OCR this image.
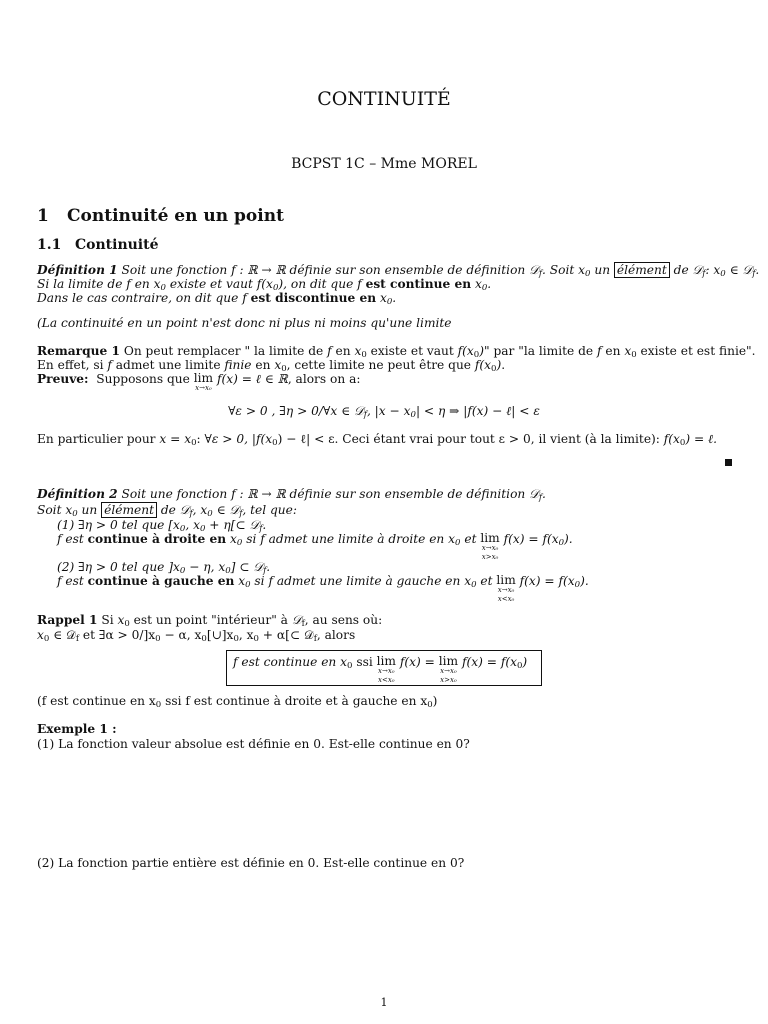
CONTINUITÉ
BCPST 1C – Mme MOREL
1 Continuité en un point
1.1 Continuité
Définition 1 Soit une fonction f : ℝ → ℝ définie sur son ensemble de définition 𝒟$_f$. Soit $x_0$ un élément de 𝒟$_f$: $x_0$ ∈ 𝒟$_f$.
Si la limite de f en $x_0$ existe et vaut $f(x_0)$, on dit que f est continue en $x_0$.
Dans le cas contraire, on dit que f est discontinue en $x_0$.
(La continuité en un point n'est donc ni plus ni moins qu'une limite
Remarque 1 On peut remplacer " la limite de f en $x_0$ existe et vaut $f(x_0)$" par "la limite de f en $x_0$ existe et est finie".
En effet, si f admet une limite finie en $x_0$, cette limite ne peut être que $f(x_0)$.
Preuve: Supposons que lim
x→x₀
f(x) = ℓ ∈ ℝ, alors on a:
∀ε > 0 , ∃η > 0/∀x ∈ 𝒟$_f$, $|x - x_0| < \eta$ ⇒ |f(x) − ℓ| < ε
En particulier pour $x = x_0$: ∀ε > 0, $|f(x_0)$ − ℓ| < ε. Ceci étant vrai pour tout ε > 0, il vient (à la limite): $f(x_0)$ = ℓ.
Définition 2 Soit une fonction f : ℝ → ℝ définie sur son ensemble de définition 𝒟$_f$.
Soit $x_0$ un élément de 𝒟$_f$, $x_0$ ∈ 𝒟$_f$, tel que:
(1) ∃η > 0 tel que [$x_0$, $x_0$ + η[⊂ 𝒟$_f$.
f est continue à droite en $x_0$ si f admet une limite à droite en $x_0$ et lim
x→x₀
x>x₀
$f(x) = f(x_0)$.
(2) ∃η > 0 tel que ]$x_0 - \eta$, $x_0$] ⊂ 𝒟$_f$.
f est continue à gauche en $x_0$ si f admet une limite à gauche en $x_0$ et lim
x→x₀
x<x₀
$f(x) = f(x_0)$.
Rappel 1 Si $x_0$ est un point "intérieur" à 𝒟$_f$, au sens où:
$x_0$ ∈ 𝒟$_f$ et ∃α > $0/]x_0 - \alpha$, $x_0[\cup]x_0$, $x_0$ + α[⊂ 𝒟$_f$, alors
f est continue en $x_0$ ssi lim
x→x₀
x<x₀
f(x) = lim
x→x₀
x>x₀
$f(x) = f(x_0)$
(f est continue en $x_0$ ssi f est continue à droite et à gauche en $x_0$)
Exemple 1 :
(1) La fonction valeur absolue est définie en 0. Est-elle continue en 0?
(2) La fonction partie entière est définie en 0. Est-elle continue en 0?
1
